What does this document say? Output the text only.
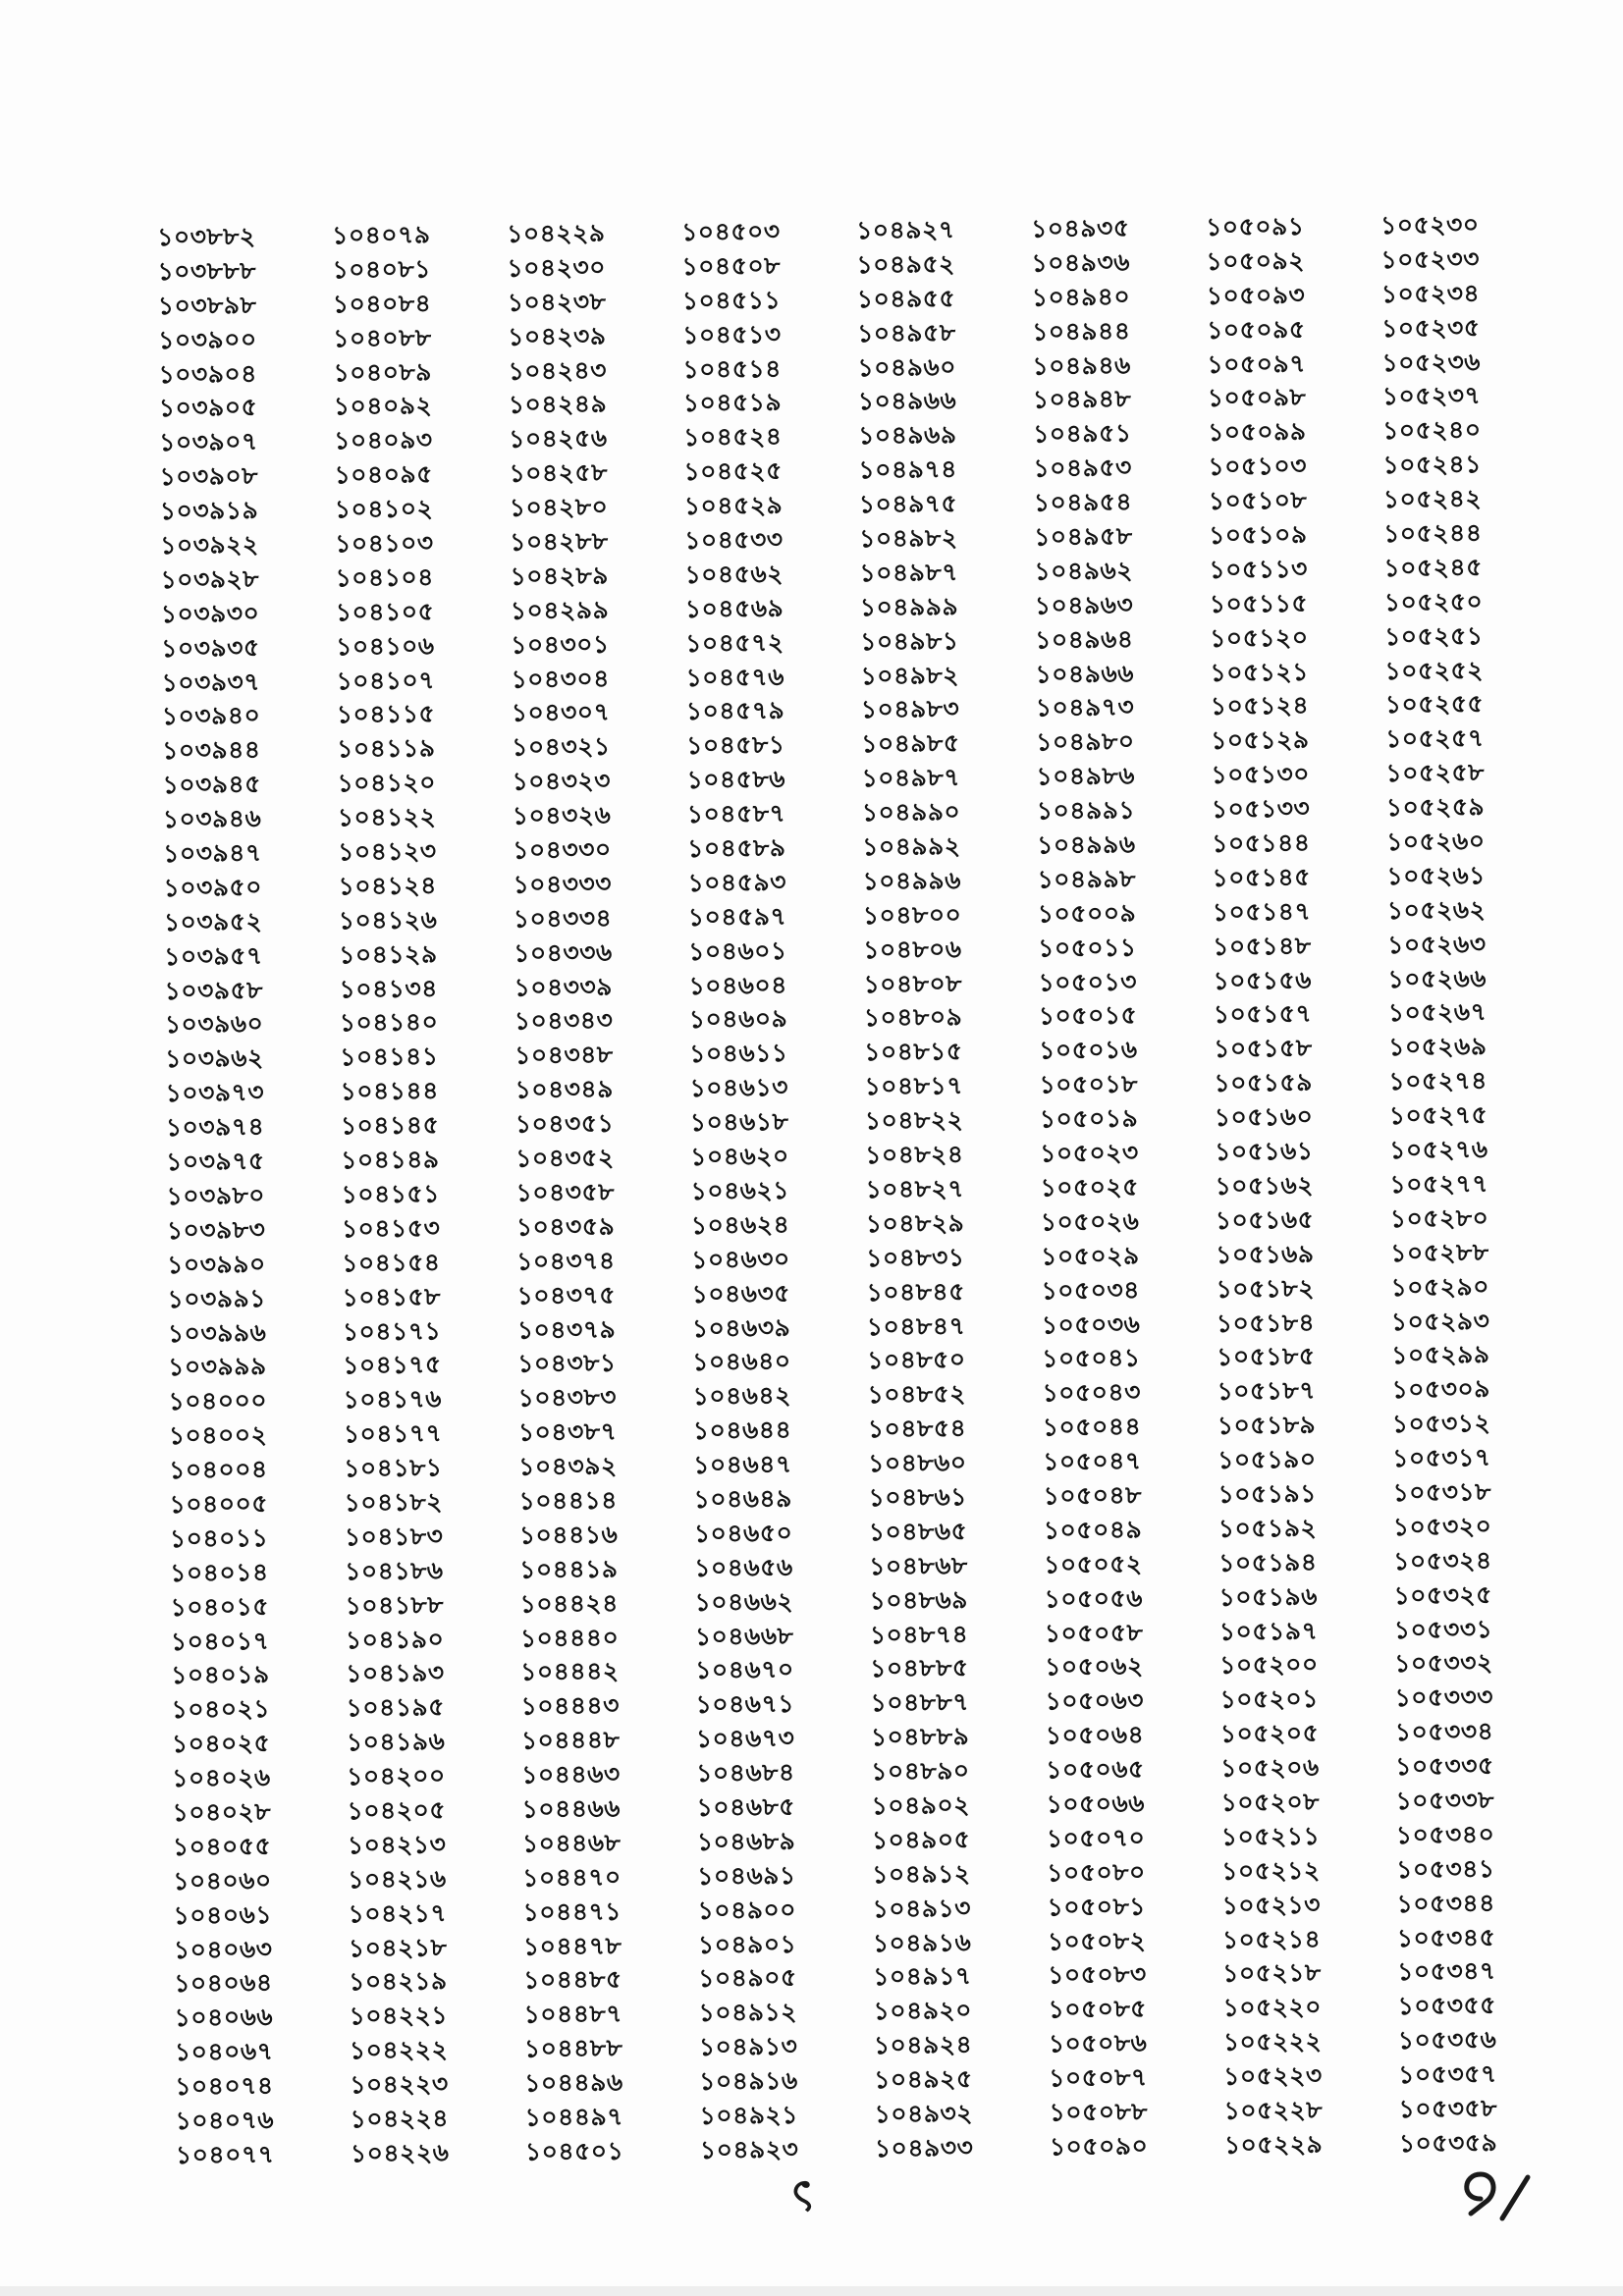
১০৩৮৮২
১০৩৮৮৮
১০৩৮৯৮
১০৩৯০০
১০৩৯০৪
১০৩৯০৫
১০৩৯০৭
১০৩৯০৮
১০৩৯১৯
১০৩৯২২
১০৩৯২৮
১০৩৯৩০
১০৩৯৩৫
১০৩৯৩৭
১০৩৯৪০
১০৩৯৪৪
১০৩৯৪৫
১০৩৯৪৬
১০৩৯৪৭
১০৩৯৫০
১০৩৯৫২
১০৩৯৫৭
১০৩৯৫৮
১০৩৯৬০
১০৩৯৬২
১০৩৯৭৩
১০৩৯৭৪
১০৩৯৭৫
১০৩৯৮০
১০৩৯৮৩
১০৩৯৯০
১০৩৯৯১
১০৩৯৯৬
১০৩৯৯৯
১০৪০০০
১০৪০০২
১০৪০০৪
১০৪০০৫
১০৪০১১
১০৪০১৪
১০৪০১৫
১০৪০১৭
১০৪০১৯
১০৪০২১
১০৪০২৫
১০৪০২৬
১০৪০২৮
১০৪০৫৫
১০৪০৬০
১০৪০৬১
১০৪০৬৩
১০৪০৬৪
১০৪০৬৬
১০৪০৬৭
১০৪০৭৪
১০৪০৭৬
১০৪০৭৭
১০৪০৭৯
১০৪০৮১
১০৪০৮৪
১০৪০৮৮
১০৪০৮৯
১০৪০৯২
১০৪০৯৩
১০৪০৯৫
১০৪১০২
১০৪১০৩
১০৪১০৪
১০৪১০৫
১০৪১০৬
১০৪১০৭
১০৪১১৫
১০৪১১৯
১০৪১২০
১০৪১২২
১০৪১২৩
১০৪১২৪
১০৪১২৬
১০৪১২৯
১০৪১৩৪
১০৪১৪০
১০৪১৪১
১০৪১৪৪
১০৪১৪৫
১০৪১৪৯
১০৪১৫১
১০৪১৫৩
১০৪১৫৪
১০৪১৫৮
১০৪১৭১
১০৪১৭৫
১০৪১৭৬
১০৪১৭৭
১০৪১৮১
১০৪১৮২
১০৪১৮৩
১০৪১৮৬
১০৪১৮৮
১০৪১৯০
১০৪১৯৩
১০৪১৯৫
১০৪১৯৬
১০৪২০০
১০৪২০৫
১০৪২১৩
১০৪২১৬
১০৪২১৭
১০৪২১৮
১০৪২১৯
১০৪২২১
১০৪২২২
১০৪২২৩
১০৪২২৪
১০৪২২৬
১০৪২২৯
১০৪২৩০
১০৪২৩৮
১০৪২৩৯
১০৪২৪৩
১০৪২৪৯
১০৪২৫৬
১০৪২৫৮
১০৪২৮০
১০৪২৮৮
১০৪২৮৯
১০৪২৯৯
১০৪৩০১
১০৪৩০৪
১০৪৩০৭
১০৪৩২১
১০৪৩২৩
১০৪৩২৬
১০৪৩৩০
১০৪৩৩৩
১০৪৩৩৪
১০৪৩৩৬
১০৪৩৩৯
১০৪৩৪৩
১০৪৩৪৮
১০৪৩৪৯
১০৪৩৫১
১০৪৩৫২
১০৪৩৫৮
১০৪৩৫৯
১০৪৩৭৪
১০৪৩৭৫
১০৪৩৭৯
১০৪৩৮১
১০৪৩৮৩
১০৪৩৮৭
১০৪৩৯২
১০৪৪১৪
১০৪৪১৬
১০৪৪১৯
১০৪৪২৪
১০৪৪৪০
১০৪৪৪২
১০৪৪৪৩
১০৪৪৪৮
১০৪৪৬৩
১০৪৪৬৬
১০৪৪৬৮
১০৪৪৭০
১০৪৪৭১
১০৪৪৭৮
১০৪৪৮৫
১০৪৪৮৭
১০৪৪৮৮
১০৪৪৯৬
১০৪৪৯৭
১০৪৫০১
১০৪৫০৩
১০৪৫০৮
১০৪৫১১
১০৪৫১৩
১০৪৫১৪
১০৪৫১৯
১০৪৫২৪
১০৪৫২৫
১০৪৫২৯
১০৪৫৩৩
১০৪৫৬২
১০৪৫৬৯
১০৪৫৭২
১০৪৫৭৬
১০৪৫৭৯
১০৪৫৮১
১০৪৫৮৬
১০৪৫৮৭
১০৪৫৮৯
১০৪৫৯৩
১০৪৫৯৭
১০৪৬০১
১০৪৬০৪
১০৪৬০৯
১০৪৬১১
১০৪৬১৩
১০৪৬১৮
১০৪৬২০
১০৪৬২১
১০৪৬২৪
১০৪৬৩০
১০৪৬৩৫
১০৪৬৩৯
১০৪৬৪০
১০৪৬৪২
১০৪৬৪৪
১০৪৬৪৭
১০৪৬৪৯
১০৪৬৫০
১০৪৬৫৬
১০৪৬৬২
১০৪৬৬৮
১০৪৬৭০
১০৪৬৭১
১০৪৬৭৩
১০৪৬৮৪
১০৪৬৮৫
১০৪৬৮৯
১০৪৬৯১
১০৪৯০০
১০৪৯০১
১০৪৯০৫
১০৪৯১২
১০৪৯১৩
১০৪৯১৬
১০৪৯২১
১০৪৯২৩
১০৪৯২৭
১০৪৯৫২
১০৪৯৫৫
১০৪৯৫৮
১০৪৯৬০
১০৪৯৬৬
১০৪৯৬৯
১০৪৯৭৪
১০৪৯৭৫
১০৪৯৮২
১০৪৯৮৭
১০৪৯৯৯
১০৪৯৮১
১০৪৯৮২
১০৪৯৮৩
১০৪৯৮৫
১০৪৯৮৭
১০৪৯৯০
১০৪৯৯২
১০৪৯৯৬
১০৪৮০০
১০৪৮০৬
১০৪৮০৮
১০৪৮০৯
১০৪৮১৫
১০৪৮১৭
১০৪৮২২
১০৪৮২৪
১০৪৮২৭
১০৪৮২৯
১০৪৮৩১
১০৪৮৪৫
১০৪৮৪৭
১০৪৮৫০
১০৪৮৫২
১০৪৮৫৪
১০৪৮৬০
১০৪৮৬১
১০৪৮৬৫
১০৪৮৬৮
১০৪৮৬৯
১০৪৮৭৪
১০৪৮৮৫
১০৪৮৮৭
১০৪৮৮৯
১০৪৮৯০
১০৪৯০২
১০৪৯০৫
১০৪৯১২
১০৪৯১৩
১০৪৯১৬
১০৪৯১৭
১০৪৯২০
১০৪৯২৪
১০৪৯২৫
১০৪৯৩২
১০৪৯৩৩
১০৪৯৩৫
১০৪৯৩৬
১০৪৯৪০
১০৪৯৪৪
১০৪৯৪৬
১০৪৯৪৮
১০৪৯৫১
১০৪৯৫৩
১০৪৯৫৪
১০৪৯৫৮
১০৪৯৬২
১০৪৯৬৩
১০৪৯৬৪
১০৪৯৬৬
১০৪৯৭৩
১০৪৯৮০
১০৪৯৮৬
১০৪৯৯১
১০৪৯৯৬
১০৪৯৯৮
১০৫০০৯
১০৫০১১
১০৫০১৩
১০৫০১৫
১০৫০১৬
১০৫০১৮
১০৫০১৯
১০৫০২৩
১০৫০২৫
১০৫০২৬
১০৫০২৯
১০৫০৩৪
১০৫০৩৬
১০৫০৪১
১০৫০৪৩
১০৫০৪৪
১০৫০৪৭
১০৫০৪৮
১০৫০৪৯
১০৫০৫২
১০৫০৫৬
১০৫০৫৮
১০৫০৬২
১০৫০৬৩
১০৫০৬৪
১০৫০৬৫
১০৫০৬৬
১০৫০৭০
১০৫০৮০
১০৫০৮১
১০৫০৮২
১০৫০৮৩
১০৫০৮৫
১০৫০৮৬
১০৫০৮৭
১০৫০৮৮
১০৫০৯০
১০৫০৯১
১০৫০৯২
১০৫০৯৩
১০৫০৯৫
১০৫০৯৭
১০৫০৯৮
১০৫০৯৯
১০৫১০৩
১০৫১০৮
১০৫১০৯
১০৫১১৩
১০৫১১৫
১০৫১২০
১০৫১২১
১০৫১২৪
১০৫১২৯
১০৫১৩০
১০৫১৩৩
১০৫১৪৪
১০৫১৪৫
১০৫১৪৭
১০৫১৪৮
১০৫১৫৬
১০৫১৫৭
১০৫১৫৮
১০৫১৫৯
১০৫১৬০
১০৫১৬১
১০৫১৬২
১০৫১৬৫
১০৫১৬৯
১০৫১৮২
১০৫১৮৪
১০৫১৮৫
১০৫১৮৭
১০৫১৮৯
১০৫১৯০
১০৫১৯১
১০৫১৯২
১০৫১৯৪
১০৫১৯৬
১০৫১৯৭
১০৫২০০
১০৫২০১
১০৫২০৫
১০৫২০৬
১০৫২০৮
১০৫২১১
১০৫২১২
১০৫২১৩
১০৫২১৪
১০৫২১৮
১০৫২২০
১০৫২২২
১০৫২২৩
১০৫২২৮
১০৫২২৯
১০৫২৩০
১০৫২৩৩
১০৫২৩৪
১০৫২৩৫
১০৫২৩৬
১০৫২৩৭
১০৫২৪০
১০৫২৪১
১০৫২৪২
১০৫২৪৪
১০৫২৪৫
১০৫২৫০
১০৫২৫১
১০৫২৫২
১০৫২৫৫
১০৫২৫৭
১০৫২৫৮
১০৫২৫৯
১০৫২৬০
১০৫২৬১
১০৫২৬২
১০৫২৬৩
১০৫২৬৬
১০৫২৬৭
১০৫২৬৯
১০৫২৭৪
১০৫২৭৫
১০৫২৭৬
১০৫২৭৭
১০৫২৮০
১০৫২৮৮
১০৫২৯০
১০৫২৯৩
১০৫২৯৯
১০৫৩০৯
১০৫৩১২
১০৫৩১৭
১০৫৩১৮
১০৫৩২০
১০৫৩২৪
১০৫৩২৫
১০৫৩৩১
১০৫৩৩২
১০৫৩৩৩
১০৫৩৩৪
১০৫৩৩৫
১০৫৩৩৮
১০৫৩৪০
১০৫৩৪১
১০৫৩৪৪
১০৫৩৪৫
১০৫৩৪৭
১০৫৩৫৫
১০৫৩৫৬
১০৫৩৫৭
১০৫৩৫৮
১০৫৩৫৯
১
